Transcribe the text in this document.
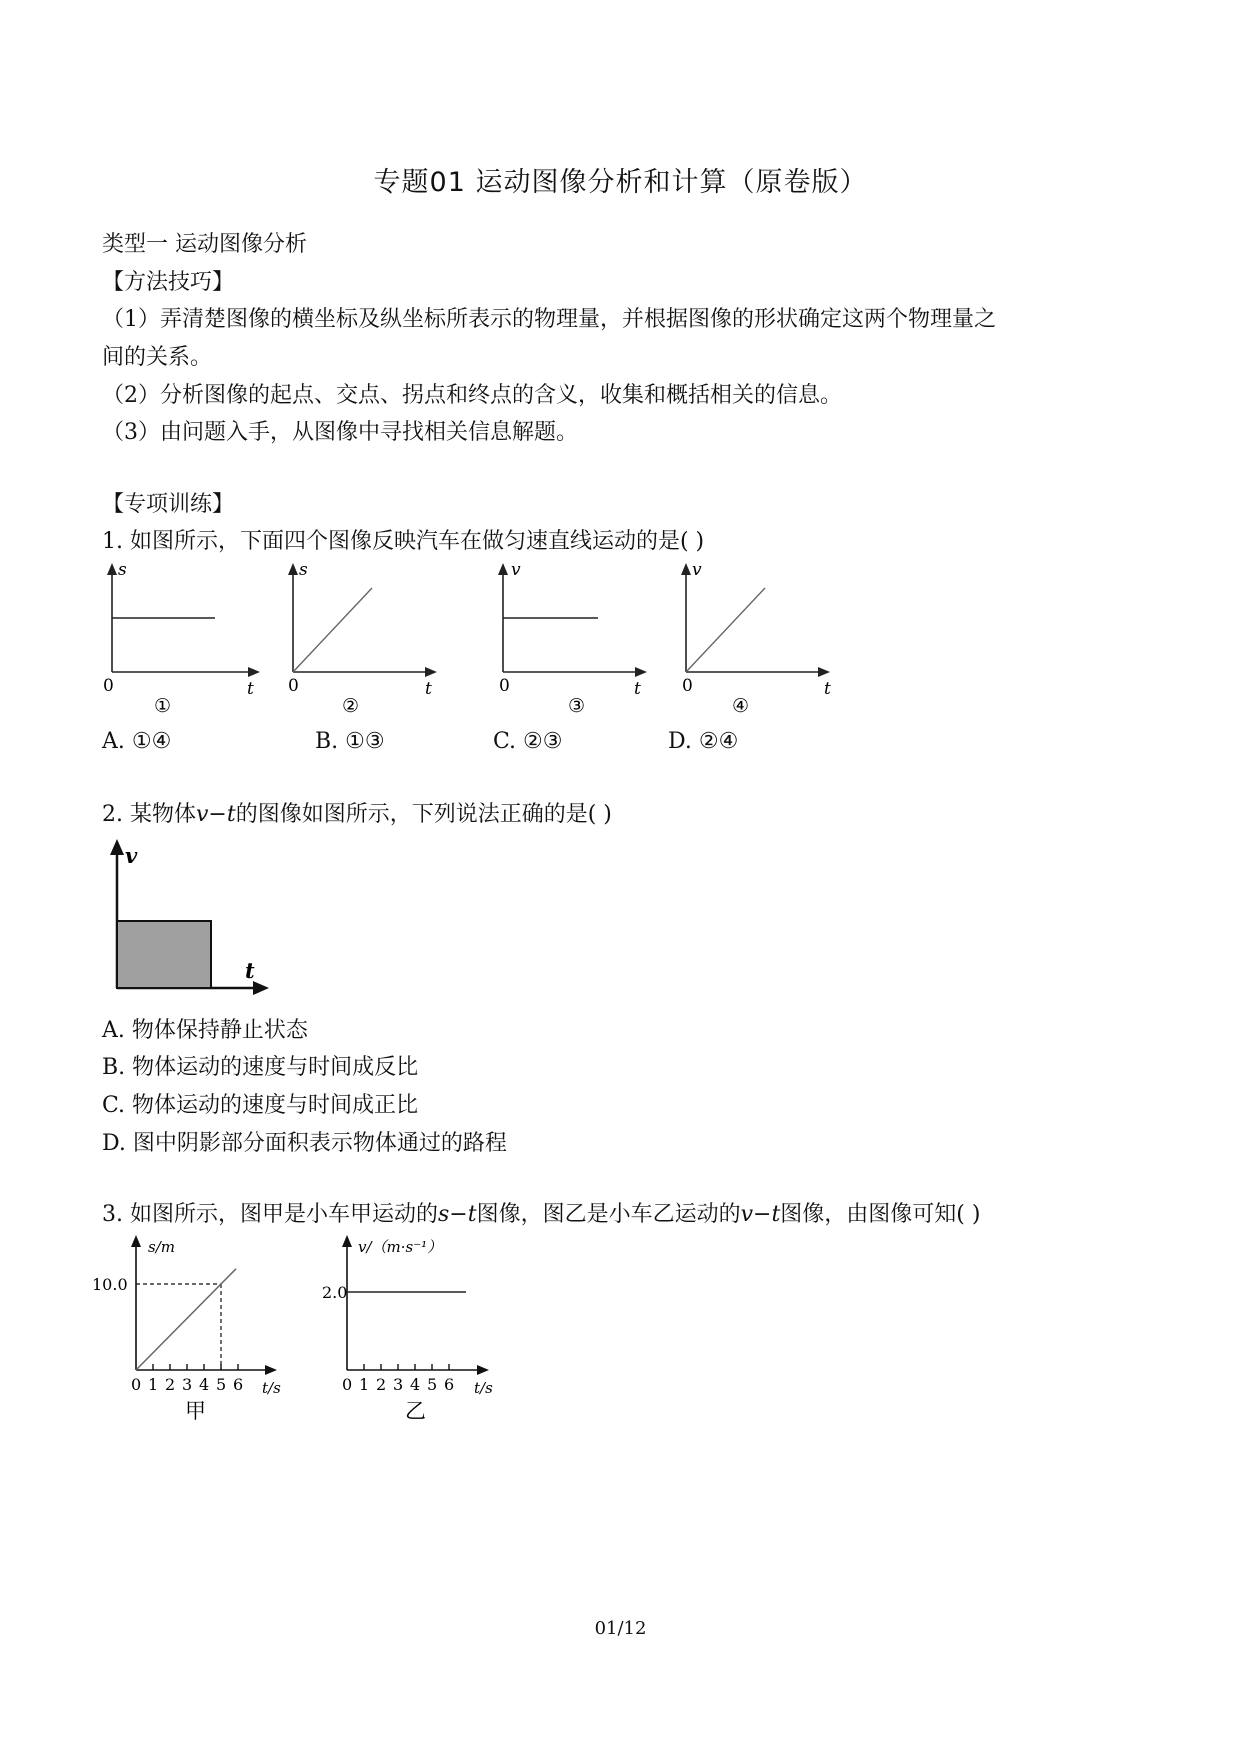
专题01 运动图像分析和计算（原卷版）
类型一 运动图像分析
【方法技巧】
（1）弄清楚图像的横坐标及纵坐标所表示的物理量，并根据图像的形状确定这两个物理量之
间的关系。
（2）分析图像的起点、交点、拐点和终点的含义，收集和概括相关的信息。
（3）由问题入手，从图像中寻找相关信息解题。
【专项训练】
1. 如图所示，下面四个图像反映汽车在做匀速直线运动的是( )
s
t
0
①
s
t
0
②
v
t
0
③
v
t
0
④
A. ①④	B. ①③	C. ②③	D. ②④
2. 某物体v−t的图像如图所示，下列说法正确的是( )
v
t
A. 物体保持静止状态
B. 物体运动的速度与时间成反比
C. 物体运动的速度与时间成正比
D. 图中阴影部分面积表示物体通过的路程
3. 如图所示，图甲是小车甲运动的s−t图像，图乙是小车乙运动的v−t图像，由图像可知( )
0 1 2 3 4 5 6
s/m
10.0
t/s
甲
0 1 2 3 4 5 6
v/（m·s⁻¹）
2.0
t/s
乙
01/12
